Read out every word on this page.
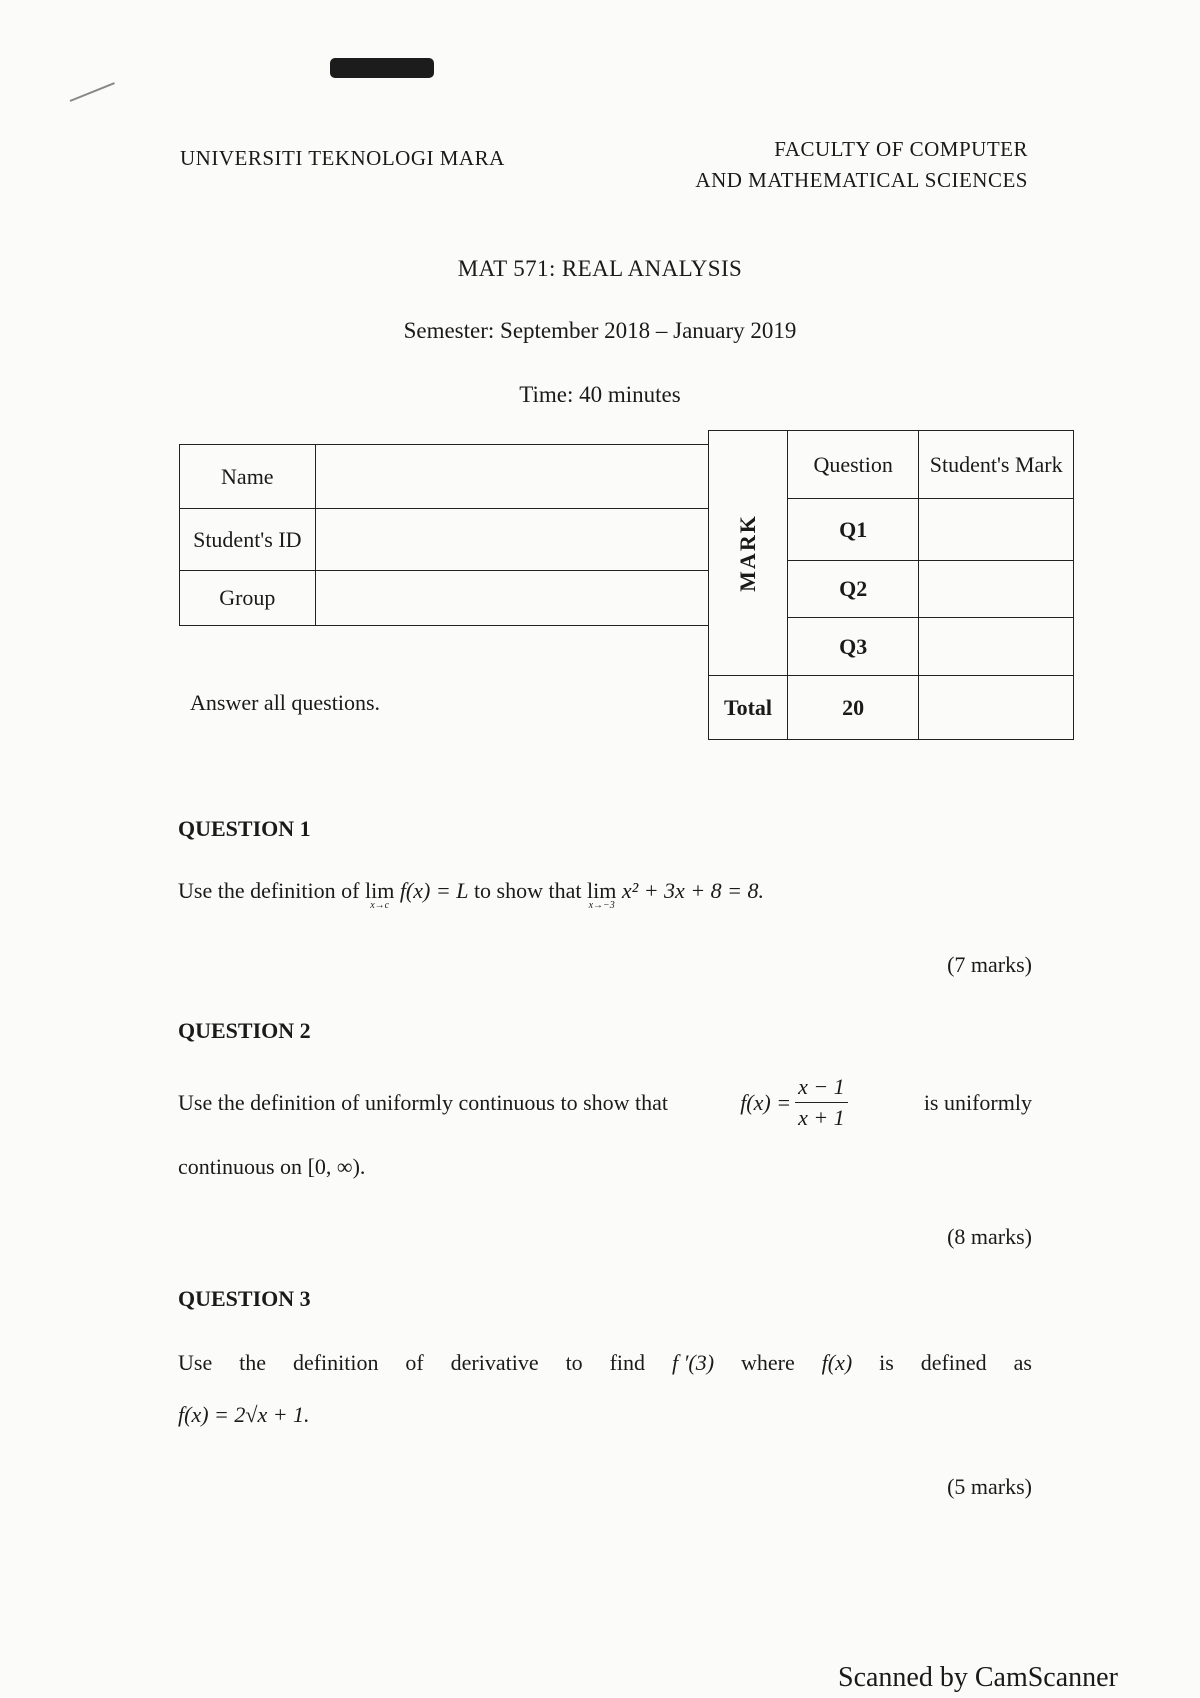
UNIVERSITI TEKNOLOGI MARA	FACULTY OF COMPUTER
AND MATHEMATICAL SCIENCES
MAT 571: REAL ANALYSIS
Semester: September 2018 – January 2019
Time: 40 minutes
Name	
Student's ID	
Group	
MARK	Question	Student's Mark
	Q1	
	Q2	
	Q3	
Total	20	
Answer all questions.
QUESTION 1
Use the definition of lim
x→c
f(x) = L to show that lim
x→−3
x² + 3x + 8 = 8.
(7 marks)
QUESTION 2
Use the definition of uniformly continuous to show that	$f(x) = \frac{x - 1}{x + 1}$	is uniformly
continuous on [0, ∞).
(8 marks)
QUESTION 3
Use the definition of derivative to find f ′(3) where f(x) is defined as
f(x) = 2√x + 1.
(5 marks)
Scanned by CamScanner
